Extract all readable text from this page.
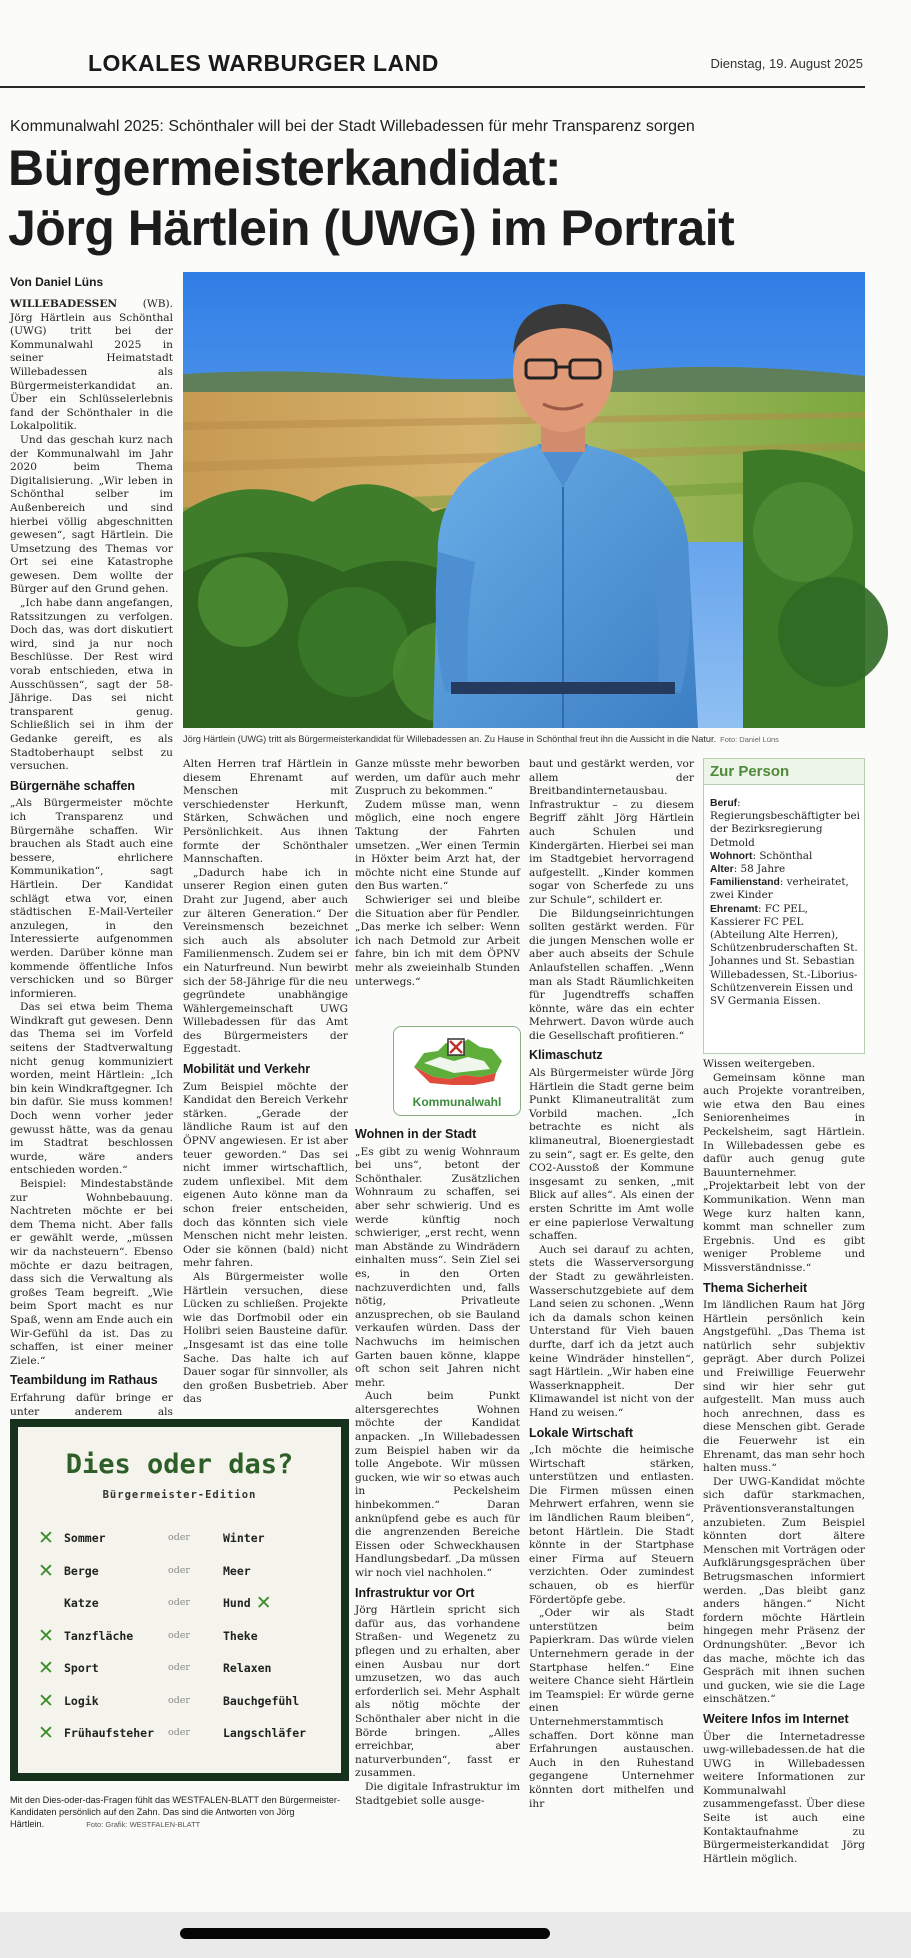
LOKALES WARBURGER LAND	Dienstag, 19. August 2025
Kommunalwahl 2025: Schönthaler will bei der Stadt Willebadessen für mehr Transparenz sorgen
Bürgermeisterkandidat:
Jörg Härtlein (UWG) im Portrait
Von Daniel Lüns
Jörg Härtlein (UWG) tritt als Bürgermeisterkandidat für Willebadessen an. Zu Hause in Schönthal freut ihn die Aussicht in die Natur. Foto: Daniel Lüns

WILLEBADESSEN (WB). Jörg Härtlein aus Schönthal (UWG) tritt bei der Kommunalwahl 2025 in seiner Heimatstadt Willebadessen als Bürgermeisterkandidat an. Über ein Schlüsselerlebnis fand der Schönthaler in die Lokalpolitik.

Und das geschah kurz nach der Kommunalwahl im Jahr 2020 beim Thema Digitalisierung. „Wir leben in Schönthal selber im Außenbereich und sind hierbei völlig abgeschnitten gewesen“, sagt Härtlein. Die Umsetzung des Themas vor Ort sei eine Katastrophe gewesen. Dem wollte der Bürger auf den Grund gehen.

„Ich habe dann angefangen, Ratssitzungen zu verfolgen. Doch das, was dort diskutiert wird, sind ja nur noch Beschlüsse. Der Rest wird vorab entschieden, etwa in Ausschüssen“, sagt der 58-Jährige. Das sei nicht transparent genug. Schließlich sei in ihm der Gedanke gereift, es als Stadtoberhaupt selbst zu versuchen.

Bürgernähe schaffen

„Als Bürgermeister möchte ich Transparenz und Bürgernähe schaffen. Wir brauchen als Stadt auch eine bessere, ehrlichere Kommunikation“, sagt Härtlein. Der Kandidat schlägt etwa vor, einen städtischen E-Mail-Verteiler anzulegen, in den Interessierte aufgenommen werden. Darüber könne man kommende öffentliche Infos verschicken und so Bürger informieren.

Das sei etwa beim Thema Windkraft gut gewesen. Denn das Thema sei im Vorfeld seitens der Stadtverwaltung nicht genug kommuniziert worden, meint Härtlein: „Ich bin kein Windkraftgegner. Ich bin dafür. Sie muss kommen! Doch wenn vorher jeder gewusst hätte, was da genau im Stadtrat beschlossen wurde, wäre anders entschieden worden.“

Beispiel: Mindestabstände zur Wohnbebauung. Nachtreten möchte er bei dem Thema nicht. Aber falls er gewählt werde, „müssen wir da nachsteuern“. Ebenso möchte er dazu beitragen, dass sich die Verwaltung als großes Team begreift. „Wie beim Sport macht es nur Spaß, wenn am Ende auch ein Wir-Gefühl da ist. Das zu schaffen, ist einer meiner Ziele.“

Teambildung im Rathaus

Erfahrung dafür bringe er unter anderem als

Alten Herren traf Härtlein in diesem Ehrenamt auf Menschen mit verschiedenster Herkunft, Stärken, Schwächen und Persönlichkeit. Aus ihnen formte der Schönthaler Mannschaften.

„Dadurch habe ich in unserer Region einen guten Draht zur Jugend, aber auch zur älteren Generation.“ Der Vereinsmensch bezeichnet sich auch als absoluter Familienmensch. Zudem sei er ein Naturfreund. Nun bewirbt sich der 58-Jährige für die neu gegründete unabhängige Wählergemeinschaft UWG Willebadessen für das Amt des Bürgermeisters der Eggestadt.

Mobilität und Verkehr

Zum Beispiel möchte der Kandidat den Bereich Verkehr stärken. „Gerade der ländliche Raum ist auf den ÖPNV angewiesen. Er ist aber teuer geworden.“ Das sei nicht immer wirtschaftlich, zudem unflexibel. Mit dem eigenen Auto könne man da schon freier entscheiden, doch das könnten sich viele Menschen nicht mehr leisten. Oder sie können (bald) nicht mehr fahren.

Als Bürgermeister wolle Härtlein versuchen, diese Lücken zu schließen. Projekte wie das Dorfmobil oder ein Holibri seien Bausteine dafür. „Insgesamt ist das eine tolle Sache. Das halte ich auf Dauer sogar für sinnvoller, als den großen Busbetrieb. Aber das

Ganze müsste mehr beworben werden, um dafür auch mehr Zuspruch zu bekommen.“

Zudem müsse man, wenn möglich, eine noch engere Taktung der Fahrten umsetzen. „Wer einen Termin in Höxter beim Arzt hat, der möchte nicht eine Stunde auf den Bus warten.“

Schwieriger sei und bleibe die Situation aber für Pendler. „Das merke ich selber: Wenn ich nach Detmold zur Arbeit fahre, bin ich mit dem ÖPNV mehr als zweieinhalb Stunden unterwegs.“

Kommunalwahl
Wohnen in der Stadt

„Es gibt zu wenig Wohnraum bei uns“, betont der Schönthaler. Zusätzlichen Wohnraum zu schaffen, sei aber sehr schwierig. Und es werde künftig noch schwieriger, „erst recht, wenn man Abstände zu Windrädern einhalten muss“. Sein Ziel sei es, in den Orten nachzuverdichten und, falls nötig, Privatleute anzusprechen, ob sie Bauland verkaufen würden. Dass der Nachwuchs im heimischen Garten bauen könne, klappe oft schon seit Jahren nicht mehr.

Auch beim Punkt altersgerechtes Wohnen möchte der Kandidat anpacken. „In Willebadessen zum Beispiel haben wir da tolle Angebote. Wir müssen gucken, wie wir so etwas auch in Peckelsheim hinbekommen.“ Daran anknüpfend gebe es auch für die angrenzenden Bereiche Eissen oder Schweckhausen Handlungsbedarf. „Da müssen wir noch viel nachholen.“

Infrastruktur vor Ort

Jörg Härtlein spricht sich dafür aus, das vorhandene Straßen- und Wegenetz zu pflegen und zu erhalten, aber einen Ausbau nur dort umzusetzen, wo das auch erforderlich sei. Mehr Asphalt als nötig möchte der Schönthaler aber nicht in die Börde bringen. „Alles erreichbar, aber naturverbunden“, fasst er zusammen.

Die digitale Infrastruktur im Stadtgebiet solle ausge-

baut und gestärkt werden, vor allem der Breitbandinternetausbau. Infrastruktur – zu diesem Begriff zählt Jörg Härtlein auch Schulen und Kindergärten. Hierbei sei man im Stadtgebiet hervorragend aufgestellt. „Kinder kommen sogar von Scherfede zu uns zur Schule“, schildert er.

Die Bildungseinrichtungen sollten gestärkt werden. Für die jungen Menschen wolle er aber auch abseits der Schule Anlaufstellen schaffen. „Wenn man als Stadt Räumlichkeiten für Jugendtreffs schaffen könnte, wäre das ein echter Mehrwert. Davon würde auch die Gesellschaft profitieren.“

Klimaschutz

Als Bürgermeister würde Jörg Härtlein die Stadt gerne beim Punkt Klimaneutralität zum Vorbild machen. „Ich betrachte es nicht als klimaneutral, Bioenergiestadt zu sein“, sagt er. Es gelte, den CO2-Ausstoß der Kommune insgesamt zu senken, „mit Blick auf alles“. Als einen der ersten Schritte im Amt wolle er eine papierlose Verwaltung schaffen.

Auch sei darauf zu achten, stets die Wasserversorgung der Stadt zu gewährleisten. Wasserschutzgebiete auf dem Land seien zu schonen. „Wenn ich da damals schon keinen Unterstand für Vieh bauen durfte, darf ich da jetzt auch keine Windräder hinstellen“, sagt Härtlein. „Wir haben eine Wasserknappheit. Der Klimawandel ist nicht von der Hand zu weisen.“

Lokale Wirtschaft

„Ich möchte die heimische Wirtschaft stärken, unterstützen und entlasten. Die Firmen müssen einen Mehrwert erfahren, wenn sie im ländlichen Raum bleiben“, betont Härtlein. Die Stadt könnte in der Startphase einer Firma auf Steuern verzichten. Oder zumindest schauen, ob es hierfür Fördertöpfe gebe.

„Oder wir als Stadt unterstützen beim Papierkram. Das würde vielen Unternehmern gerade in der Startphase helfen.“ Eine weitere Chance sieht Härtlein im Teamspiel: Er würde gerne einen Unternehmerstammtisch schaffen. Dort könne man Erfahrungen austauschen. Auch in den Ruhestand gegangene Unternehmer könnten dort mithelfen und ihr

Zur Person
Beruf: Regierungsbeschäftigter bei der Bezirksregierung Detmold
Wohnort: Schönthal
Alter: 58 Jahre
Familienstand: verheiratet, zwei Kinder
Ehrenamt: FC PEL, Kassierer FC PEL (Abteilung Alte Herren), Schützenbruderschaften St. Johannes und St. Sebastian Willebadessen, St.-Liborius-Schützenverein Eissen und SV Germania Eissen.

Wissen weitergeben.

Gemeinsam könne man auch Projekte vorantreiben, wie etwa den Bau eines Seniorenheimes in Peckelsheim, sagt Härtlein. In Willebadessen gebe es dafür auch genug gute Bauunternehmer. „Projektarbeit lebt von der Kommunikation. Wenn man Wege kurz halten kann, kommt man schneller zum Ergebnis. Und es gibt weniger Probleme und Missverständnisse.“

Thema Sicherheit

Im ländlichen Raum hat Jörg Härtlein persönlich kein Angstgefühl. „Das Thema ist natürlich sehr subjektiv geprägt. Aber durch Polizei und Freiwillige Feuerwehr sind wir hier sehr gut aufgestellt. Man muss auch hoch anrechnen, dass es diese Menschen gibt. Gerade die Feuerwehr ist ein Ehrenamt, das man sehr hoch halten muss.“

Der UWG-Kandidat möchte sich dafür starkmachen, Präventionsveranstaltungen anzubieten. Zum Beispiel könnten dort ältere Menschen mit Vorträgen oder Aufklärungsgesprächen über Betrugsmaschen informiert werden. „Das bleibt ganz anders hängen.“ Nicht fordern möchte Härtlein hingegen mehr Präsenz der Ordnungshüter. „Bevor ich das mache, möchte ich das Gespräch mit ihnen suchen und gucken, wie sie die Lage einschätzen.“

Weitere Infos im Internet

Über die Internetadresse uwg-willebadessen.de hat die UWG in Willebadessen weitere Informationen zur Kommunalwahl zusammengefasst. Über diese Seite ist auch eine Kontaktaufnahme zu Bürgermeisterkandidat Jörg Härtlein möglich.

Dies oder das?
Bürgermeister-Edition
✕ Sommer	oder	Winter
✕ Berge	oder	Meer
Katze	oder	Hund ✕
✕ Tanzfläche	oder	Theke
✕ Sport	oder	Relaxen
✕ Logik	oder	Bauchgefühl
✕ Frühaufsteher oder	Langschläfer
Mit den Dies-oder-das-Fragen fühlt das WESTFALEN-BLATT den Bürgermeister-Kandidaten persönlich auf den Zahn. Das sind die Antworten von Jörg Härtlein.	Foto: Grafik: WESTFALEN-BLATT
